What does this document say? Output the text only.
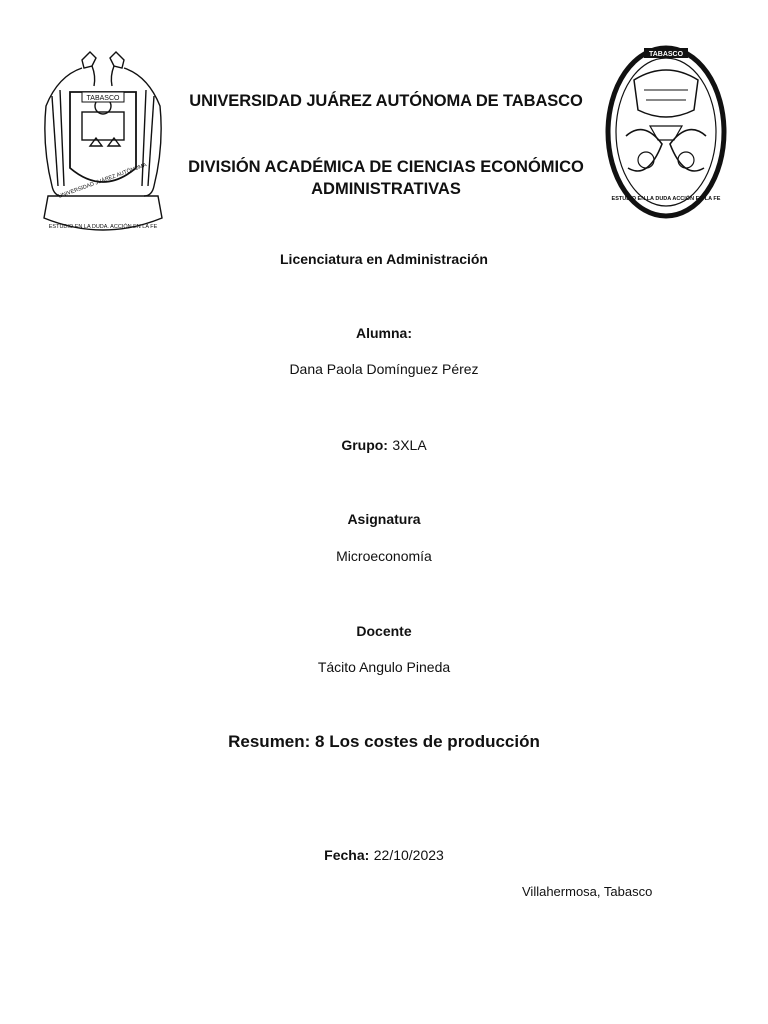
TABASCO
UNIVERSIDAD JUÁREZ AUTÓNOMA
ESTUDIO EN LA DUDA. ACCIÓN EN LA FE
TABASCO
ESTUDIO EN LA DUDA ACCIÓN EN LA FE
UNIVERSIDAD JUÁREZ AUTÓNOMA DE TABASCO
DIVISIÓN ACADÉMICA DE CIENCIAS ECONÓMICO
ADMINISTRATIVAS
Licenciatura en Administración
Alumna:
Dana Paola Domínguez Pérez
Grupo: 3XLA
Asignatura
Microeconomía
Docente
Tácito Angulo Pineda
Resumen: 8 Los costes de producción
Fecha: 22/10/2023
Villahermosa, Tabasco
